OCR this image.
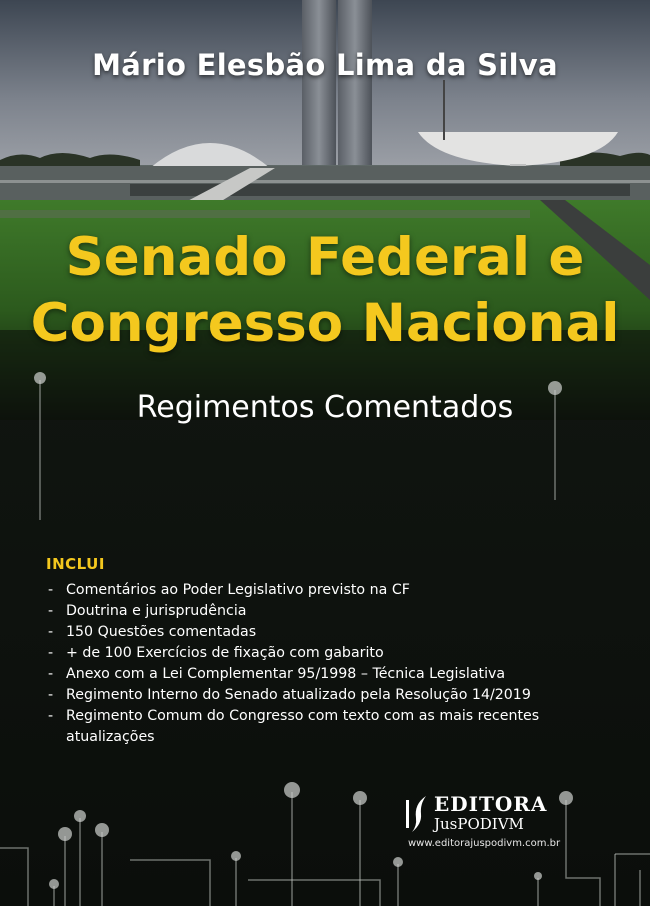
Mário Elesbão Lima da Silva
Senado Federal e
Congresso Nacional
Regimentos Comentados
INCLUI
- Comentários ao Poder Legislativo previsto na CF
- Doutrina e jurisprudência
- 150 Questões comentadas
- + de 100 Exercícios de fixação com gabarito
- Anexo com a Lei Complementar 95/1998 – Técnica Legislativa
- Regimento Interno do Senado atualizado pela Resolução 14/2019
- Regimento Comum do Congresso com texto com as mais recentes
atualizações
EDITORA
JusPODIVM
www.editorajuspodivm.com.br
